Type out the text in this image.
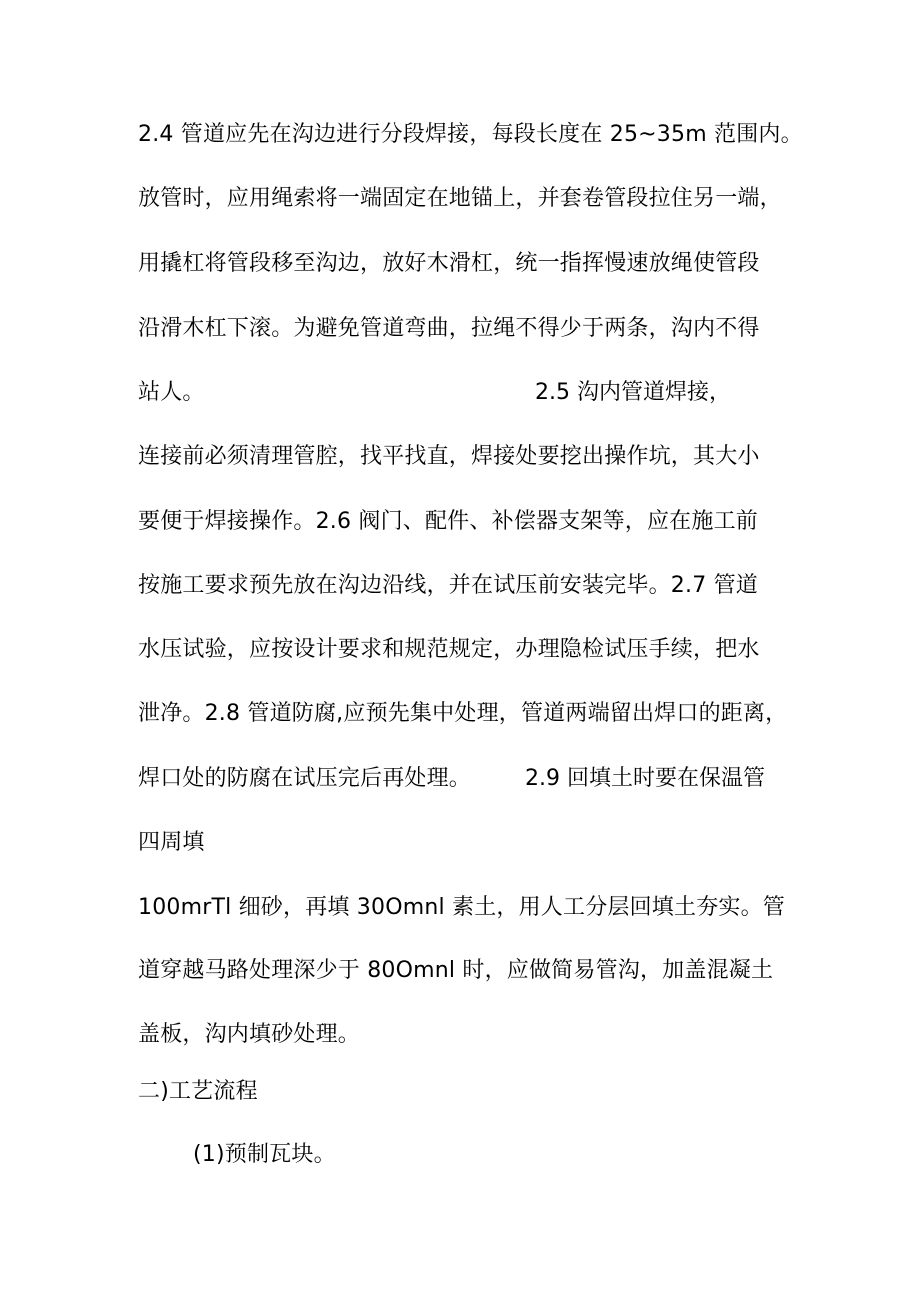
2.4 管道应先在沟边进行分段焊接，每段长度在 25~35m 范围内。
放管时，应用绳索将一端固定在地锚上，并套卷管段拉住另一端，
用撬杠将管段移至沟边，放好木滑杠，统一指挥慢速放绳使管段
沿滑木杠下滚。为避免管道弯曲，拉绳不得少于两条，沟内不得
站人。	2.5 沟内管道焊接，
连接前必须清理管腔，找平找直，焊接处要挖出操作坑，其大小
要便于焊接操作。2.6 阀门、配件、补偿器支架等，应在施工前
按施工要求预先放在沟边沿线，并在试压前安装完毕。2.7 管道
水压试验，应按设计要求和规范规定，办理隐检试压手续，把水
泄净。2.8 管道防腐,应预先集中处理，管道两端留出焊口的距离，
焊口处的防腐在试压完后再处理。 2.9 回填土时要在保温管
四周填
100mrTl 细砂，再填 30Omnl 素土，用人工分层回填土夯实。管
道穿越马路处理深少于 80Omnl 时，应做简易管沟，加盖混凝土
盖板，沟内填砂处理。
二)工艺流程
(1)预制瓦块。
